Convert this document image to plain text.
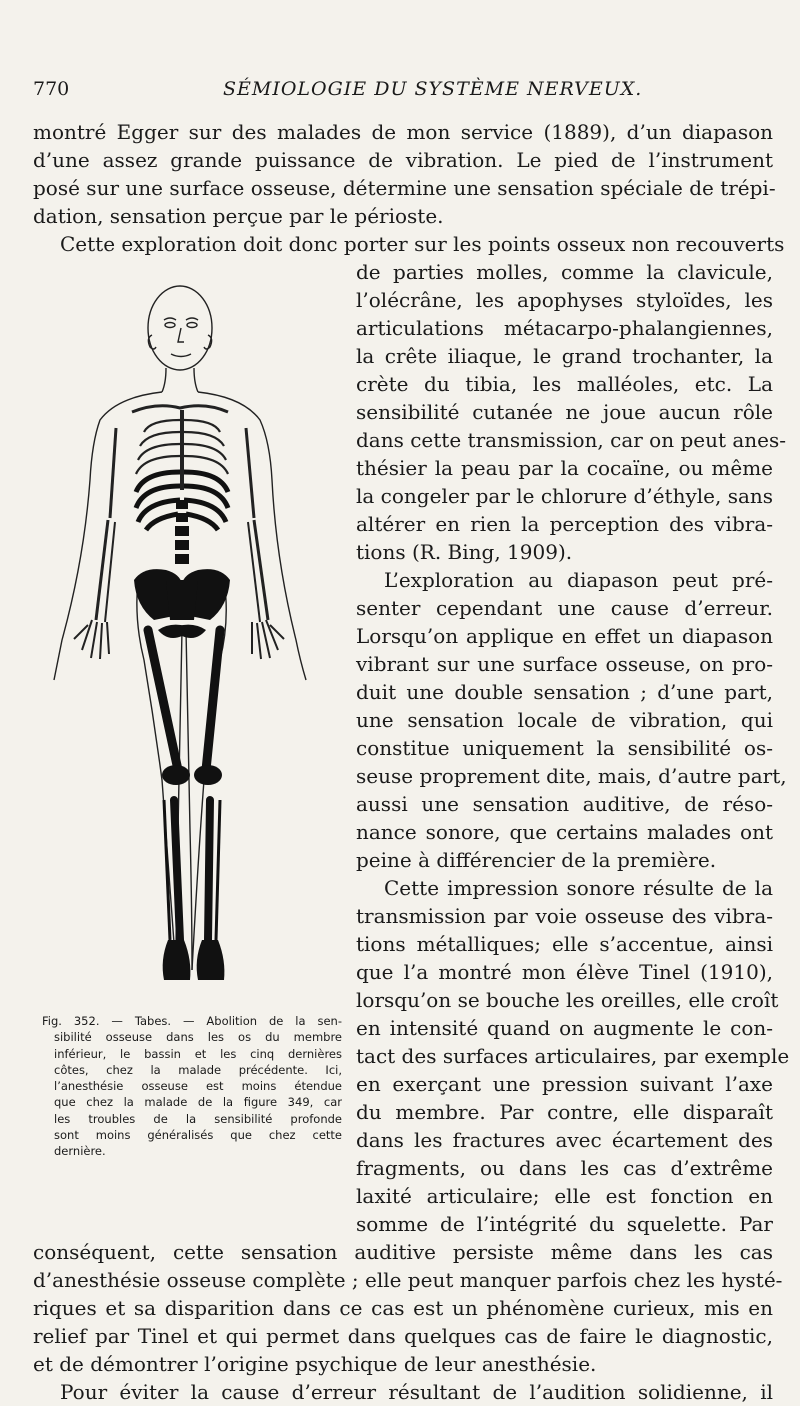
770	SÉMIOLOGIE DU SYSTÈME NERVEUX.
montré Egger sur des malades de mon service (1889), d’un diapason
d’une assez grande puissance de vibration. Le pied de l’instrument
posé sur une surface osseuse, détermine une sensation spéciale de trépi-
dation, sensation perçue par le périoste.
Cette exploration doit donc porter sur les points osseux non recouverts
de parties molles, comme la clavicule,
l’olécrâne, les apophyses styloïdes, les
articulations métacarpo-phalangiennes,
la crête iliaque, le grand trochanter, la
crète du tibia, les malléoles, etc. La
sensibilité cutanée ne joue aucun rôle
dans cette transmission, car on peut anes-
thésier la peau par la cocaïne, ou même
la congeler par le chlorure d’éthyle, sans
altérer en rien la perception des vibra-
tions (R. Bing, 1909).
L’exploration au diapason peut pré-
senter cependant une cause d’erreur.
Lorsqu’on applique en effet un diapason
vibrant sur une surface osseuse, on pro-
duit une double sensation ; d’une part,
une sensation locale de vibration, qui
constitue uniquement la sensibilité os-
seuse proprement dite, mais, d’autre part,
aussi une sensation auditive, de réso-
nance sonore, que certains malades ont
peine à différencier de la première.
Cette impression sonore résulte de la
transmission par voie osseuse des vibra-
tions métalliques; elle s’accentue, ainsi
que l’a montré mon élève Tinel (1910),
lorsqu’on se bouche les oreilles, elle croît
en intensité quand on augmente le con-
tact des surfaces articulaires, par exemple
en exerçant une pression suivant l’axe
du membre. Par contre, elle disparaît
dans les fractures avec écartement des
fragments, ou dans les cas d’extrême
laxité articulaire; elle est fonction en
somme de l’intégrité du squelette. Par
conséquent, cette sensation auditive persiste même dans les cas
d’anesthésie osseuse complète ; elle peut manquer parfois chez les hysté-
riques et sa disparition dans ce cas est un phénomène curieux, mis en
relief par Tinel et qui permet dans quelques cas de faire le diagnostic,
et de démontrer l’origine psychique de leur anesthésie.
Pour éviter la cause d’erreur résultant de l’audition solidienne, il
Fig. 352. — Tabes. — Abolition de la sen-
sibilité osseuse dans les os du membre
inférieur, le bassin et les cinq dernières
côtes, chez la malade précédente. Ici,
l’anesthésie osseuse est moins étendue
que chez la malade de la figure 349, car
les troubles de la sensibilité profonde
sont moins généralisés que chez cette
dernière.
